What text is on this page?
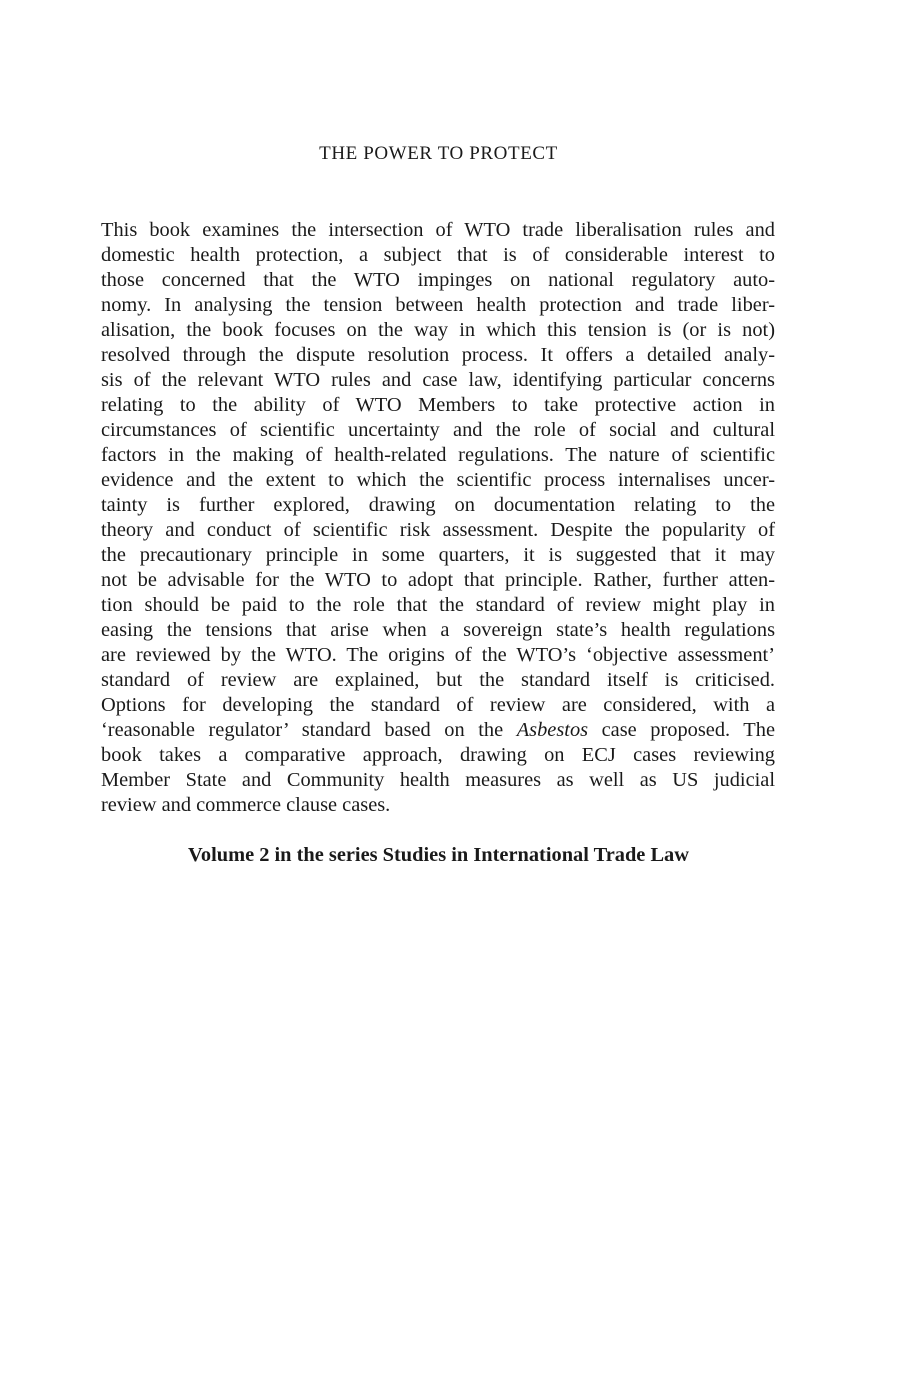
THE POWER TO PROTECT
This book examines the intersection of WTO trade liberalisation rules and
domestic health protection, a subject that is of considerable interest to
those concerned that the WTO impinges on national regulatory auto-
nomy. In analysing the tension between health protection and trade liber-
alisation, the book focuses on the way in which this tension is (or is not)
resolved through the dispute resolution process. It offers a detailed analy-
sis of the relevant WTO rules and case law, identifying particular concerns
relating to the ability of WTO Members to take protective action in
circumstances of scientific uncertainty and the role of social and cultural
factors in the making of health-related regulations. The nature of scientific
evidence and the extent to which the scientific process internalises uncer-
tainty is further explored, drawing on documentation relating to the
theory and conduct of scientific risk assessment. Despite the popularity of
the precautionary principle in some quarters, it is suggested that it may
not be advisable for the WTO to adopt that principle. Rather, further atten-
tion should be paid to the role that the standard of review might play in
easing the tensions that arise when a sovereign state’s health regulations
are reviewed by the WTO. The origins of the WTO’s ‘objective assessment’
standard of review are explained, but the standard itself is criticised.
Options for developing the standard of review are considered, with a
‘reasonable regulator’ standard based on the Asbestos case proposed. The
book takes a comparative approach, drawing on ECJ cases reviewing
Member State and Community health measures as well as US judicial
review and commerce clause cases.

Volume 2 in the series Studies in International Trade Law
